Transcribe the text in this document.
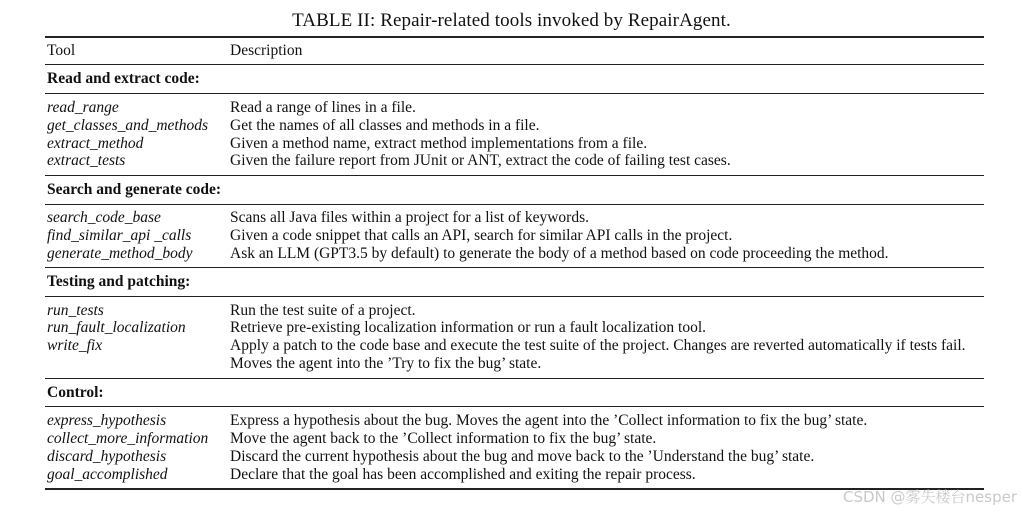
TABLE II: Repair-related tools invoked by RepairAgent.
Tool	Description
Read and extract code:
read_range	Read a range of lines in a file.
get_classes_and_methods Get the names of all classes and methods in a file.
extract_method	Given a method name, extract method implementations from a file.
extract_tests	Given the failure report from JUnit or ANT, extract the code of failing test cases.
Search and generate code:
search_code_base	Scans all Java files within a project for a list of keywords.
find_similar_api _calls	Given a code snippet that calls an API, search for similar API calls in the project.
generate_method_body Ask an LLM (GPT3.5 by default) to generate the body of a method based on code proceeding the method.
Testing and patching:
run_tests	Run the test suite of a project.
run_fault_localization	Retrieve pre-existing localization information or run a fault localization tool.
write_fix	Apply a patch to the code base and execute the test suite of the project. Changes are reverted automatically if tests fail. Moves the agent into the ’Try to fix the bug’ state.
Control:
express_hypothesis	Express a hypothesis about the bug. Moves the agent into the ’Collect information to fix the bug’ state.
collect_more_information Move the agent back to the ’Collect information to fix the bug’ state.
discard_hypothesis	Discard the current hypothesis about the bug and move back to the ’Understand the bug’ state.
goal_accomplished	Declare that the goal has been accomplished and exiting the repair process.
CSDN @雾失楼台nesper
